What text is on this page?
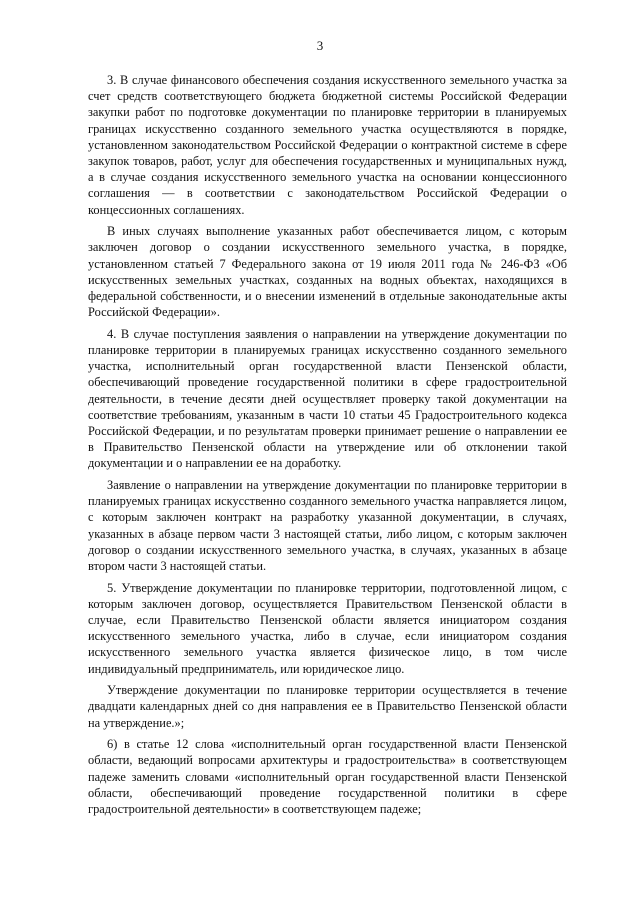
3

3. В случае финансового обеспечения создания искусственного земельного участка за счет средств соответствующего бюджета бюджетной системы Российской Федерации закупки работ по подготовке документации по планировке территории в планируемых границах искусственно созданного земельного участка осуществляются в порядке, установленном законодательством Российской Федерации о контрактной системе в сфере закупок товаров, работ, услуг для обеспечения государственных и муниципальных нужд, а в случае создания искусственного земельного участка на основании концессионного соглашения — в соответствии с законодательством Российской Федерации о концессионных соглашениях.

В иных случаях выполнение указанных работ обеспечивается лицом, с которым заключен договор о создании искусственного земельного участка, в порядке, установленном статьей 7 Федерального закона от 19 июля 2011 года № 246-ФЗ «Об искусственных земельных участках, созданных на водных объектах, находящихся в федеральной собственности, и о внесении изменений в отдельные законодательные акты Российской Федерации».

4. В случае поступления заявления о направлении на утверждение документации по планировке территории в планируемых границах искусственно созданного земельного участка, исполнительный орган государственной власти Пензенской области, обеспечивающий проведение государственной политики в сфере градостроительной деятельности, в течение десяти дней осуществляет проверку такой документации на соответствие требованиям, указанным в части 10 статьи 45 Градостроительного кодекса Российской Федерации, и по результатам проверки принимает решение о направлении ее в Правительство Пензенской области на утверждение или об отклонении такой документации и о направлении ее на доработку.

Заявление о направлении на утверждение документации по планировке территории в планируемых границах искусственно созданного земельного участка направляется лицом, с которым заключен контракт на разработку указанной документации, в случаях, указанных в абзаце первом части 3 настоящей статьи, либо лицом, с которым заключен договор о создании искусственного земельного участка, в случаях, указанных в абзаце втором части 3 настоящей статьи.

5. Утверждение документации по планировке территории, подготовленной лицом, с которым заключен договор, осуществляется Правительством Пензенской области в случае, если Правительство Пензенской области является инициатором создания искусственного земельного участка, либо в случае, если инициатором создания искусственного земельного участка является физическое лицо, в том числе индивидуальный предприниматель, или юридическое лицо.

Утверждение документации по планировке территории осуществляется в течение двадцати календарных дней со дня направления ее в Правительство Пензенской области на утверждение.»;

6) в статье 12 слова «исполнительный орган государственной власти Пензенской области, ведающий вопросами архитектуры и градостроительства» в соответствующем падеже заменить словами «исполнительный орган государственной власти Пензенской области, обеспечивающий проведение государственной политики в сфере градостроительной деятельности» в соответствующем падеже;
